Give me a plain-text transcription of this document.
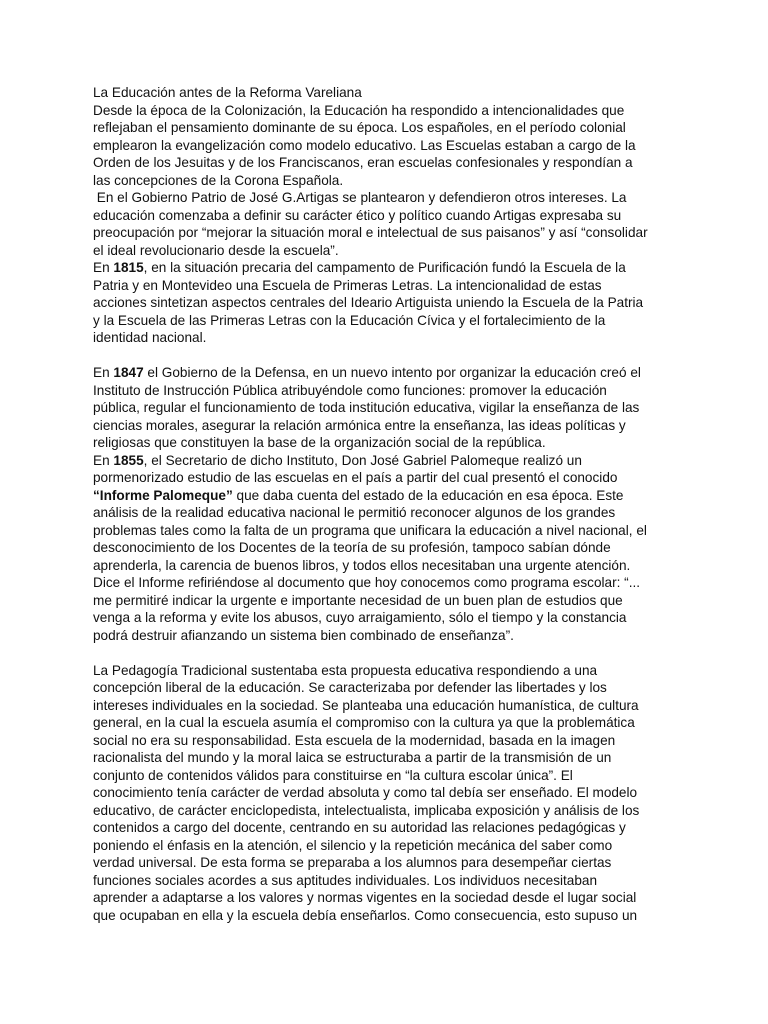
La Educación antes de la Reforma Vareliana
Desde la época de la Colonización, la Educación ha respondido a intencionalidades que
reflejaban el pensamiento dominante de su época. Los españoles, en el período colonial
emplearon la evangelización como modelo educativo. Las Escuelas estaban a cargo de la
Orden de los Jesuitas y de los Franciscanos, eran escuelas confesionales y respondían a
las concepciones de la Corona Española.
En el Gobierno Patrio de José G.Artigas se plantearon y defendieron otros intereses. La
educación comenzaba a definir su carácter ético y político cuando Artigas expresaba su
preocupación por “mejorar la situación moral e intelectual de sus paisanos” y así “consolidar
el ideal revolucionario desde la escuela”.
En 1815, en la situación precaria del campamento de Purificación fundó la Escuela de la
Patria y en Montevideo una Escuela de Primeras Letras. La intencionalidad de estas
acciones sintetizan aspectos centrales del Ideario Artiguista uniendo la Escuela de la Patria
y la Escuela de las Primeras Letras con la Educación Cívica y el fortalecimiento de la
identidad nacional.
En 1847 el Gobierno de la Defensa, en un nuevo intento por organizar la educación creó el
Instituto de Instrucción Pública atribuyéndole como funciones: promover la educación
pública, regular el funcionamiento de toda institución educativa, vigilar la enseñanza de las
ciencias morales, asegurar la relación armónica entre la enseñanza, las ideas políticas y
religiosas que constituyen la base de la organización social de la república.
En 1855, el Secretario de dicho Instituto, Don José Gabriel Palomeque realizó un
pormenorizado estudio de las escuelas en el país a partir del cual presentó el conocido
“Informe Palomeque” que daba cuenta del estado de la educación en esa época. Este
análisis de la realidad educativa nacional le permitió reconocer algunos de los grandes
problemas tales como la falta de un programa que unificara la educación a nivel nacional, el
desconocimiento de los Docentes de la teoría de su profesión, tampoco sabían dónde
aprenderla, la carencia de buenos libros, y todos ellos necesitaban una urgente atención.
Dice el Informe refiriéndose al documento que hoy conocemos como programa escolar: “...
me permitiré indicar la urgente e importante necesidad de un buen plan de estudios que
venga a la reforma y evite los abusos, cuyo arraigamiento, sólo el tiempo y la constancia
podrá destruir afianzando un sistema bien combinado de enseñanza”.
La Pedagogía Tradicional sustentaba esta propuesta educativa respondiendo a una
concepción liberal de la educación. Se caracterizaba por defender las libertades y los
intereses individuales en la sociedad. Se planteaba una educación humanística, de cultura
general, en la cual la escuela asumía el compromiso con la cultura ya que la problemática
social no era su responsabilidad. Esta escuela de la modernidad, basada en la imagen
racionalista del mundo y la moral laica se estructuraba a partir de la transmisión de un
conjunto de contenidos válidos para constituirse en “la cultura escolar única”. El
conocimiento tenía carácter de verdad absoluta y como tal debía ser enseñado. El modelo
educativo, de carácter enciclopedista, intelectualista, implicaba exposición y análisis de los
contenidos a cargo del docente, centrando en su autoridad las relaciones pedagógicas y
poniendo el énfasis en la atención, el silencio y la repetición mecánica del saber como
verdad universal. De esta forma se preparaba a los alumnos para desempeñar ciertas
funciones sociales acordes a sus aptitudes individuales. Los individuos necesitaban
aprender a adaptarse a los valores y normas vigentes en la sociedad desde el lugar social
que ocupaban en ella y la escuela debía enseñarlos. Como consecuencia, esto supuso un
